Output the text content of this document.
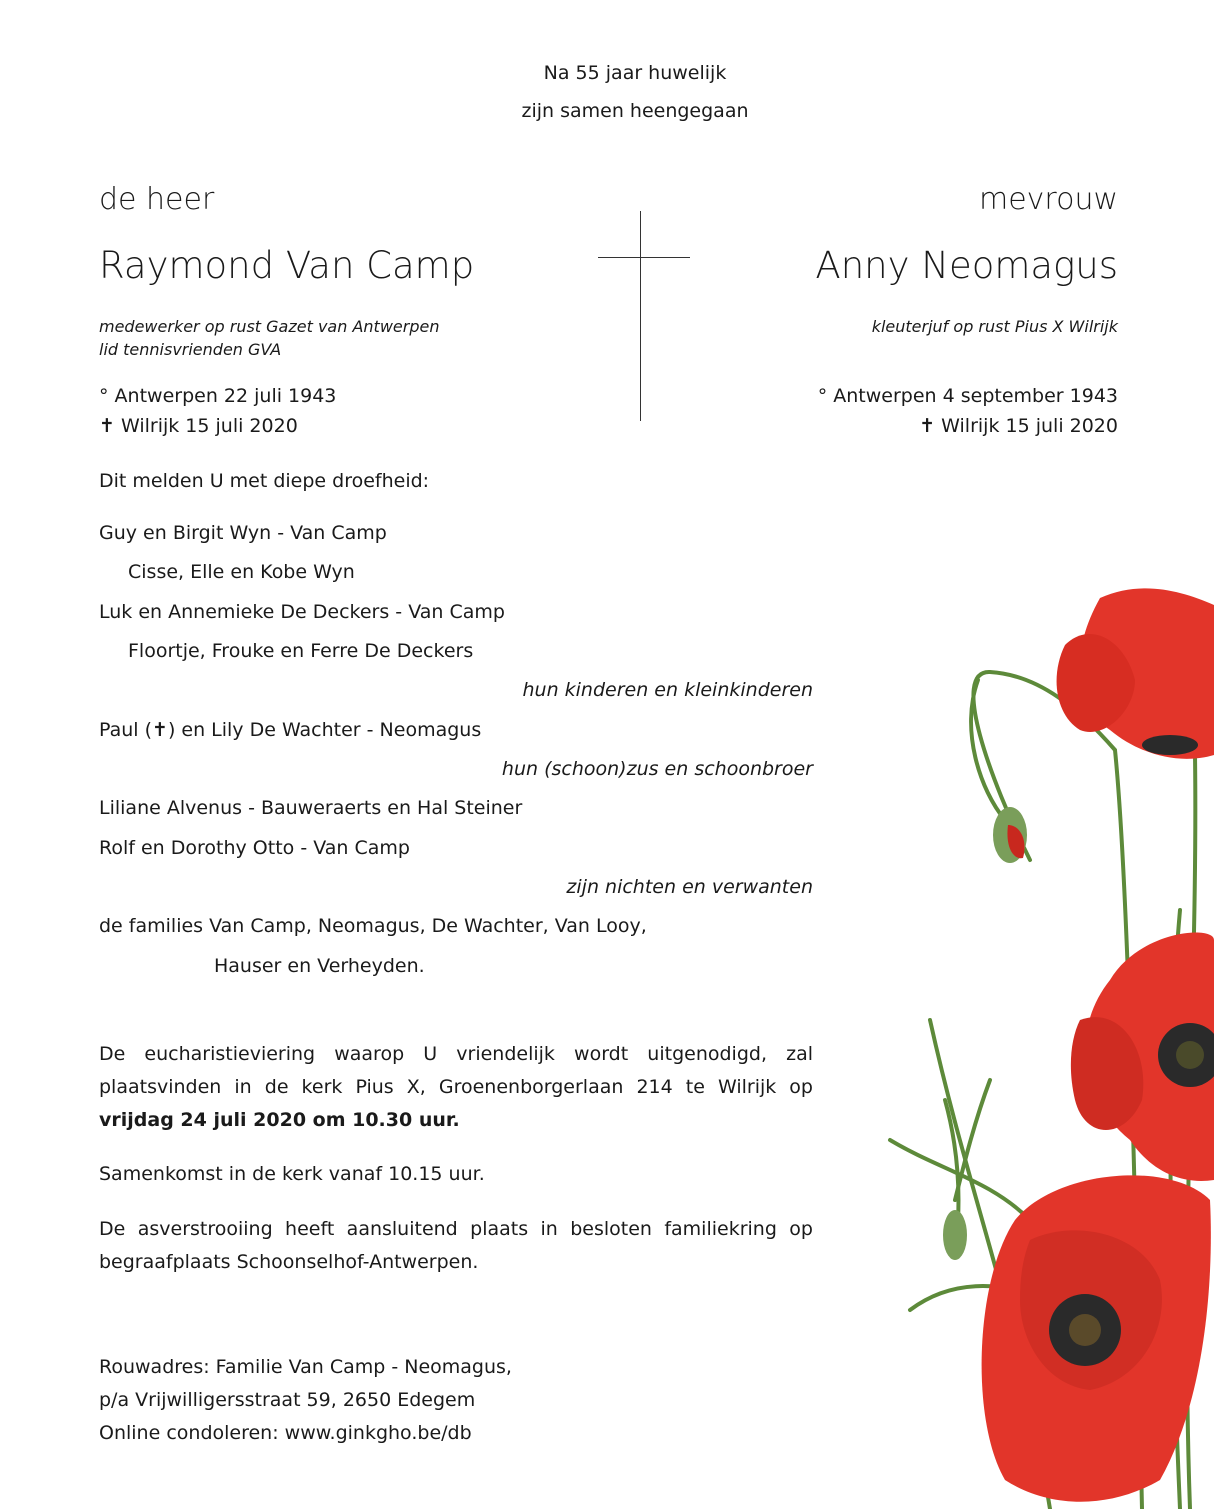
Na 55 jaar huwelijk
zijn samen heengegaan
de heer
Raymond Van Camp
medewerker op rust Gazet van Antwerpen
lid tennisvrienden GVA
° Antwerpen 22 juli 1943
✝ Wilrijk 15 juli 2020
mevrouw
Anny Neomagus
kleuterjuf op rust Pius X Wilrijk
° Antwerpen 4 september 1943
✝ Wilrijk 15 juli 2020
Dit melden U met diepe droefheid:
Guy en Birgit Wyn - Van Camp
Cisse, Elle en Kobe Wyn
Luk en Annemieke De Deckers - Van Camp
Floortje, Frouke en Ferre De Deckers
hun kinderen en kleinkinderen
Paul (✝) en Lily De Wachter - Neomagus
hun (schoon)zus en schoonbroer
Liliane Alvenus - Bauweraerts en Hal Steiner
Rolf en Dorothy Otto - Van Camp
zijn nichten en verwanten
de families Van Camp, Neomagus, De Wachter, Van Looy,
Hauser en Verheyden.
De eucharistieviering waarop U vriendelijk wordt uitgenodigd, zal plaatsvinden in de kerk Pius X, Groenenborgerlaan 214 te Wilrijk op vrijdag 24 juli 2020 om 10.30 uur.
Samenkomst in de kerk vanaf 10.15 uur.
De asverstrooiing heeft aansluitend plaats in besloten familiekring op begraafplaats Schoonselhof-Antwerpen.
Rouwadres: Familie Van Camp - Neomagus,
p/a Vrijwilligersstraat 59, 2650 Edegem
Online condoleren: www.ginkgho.be/db
